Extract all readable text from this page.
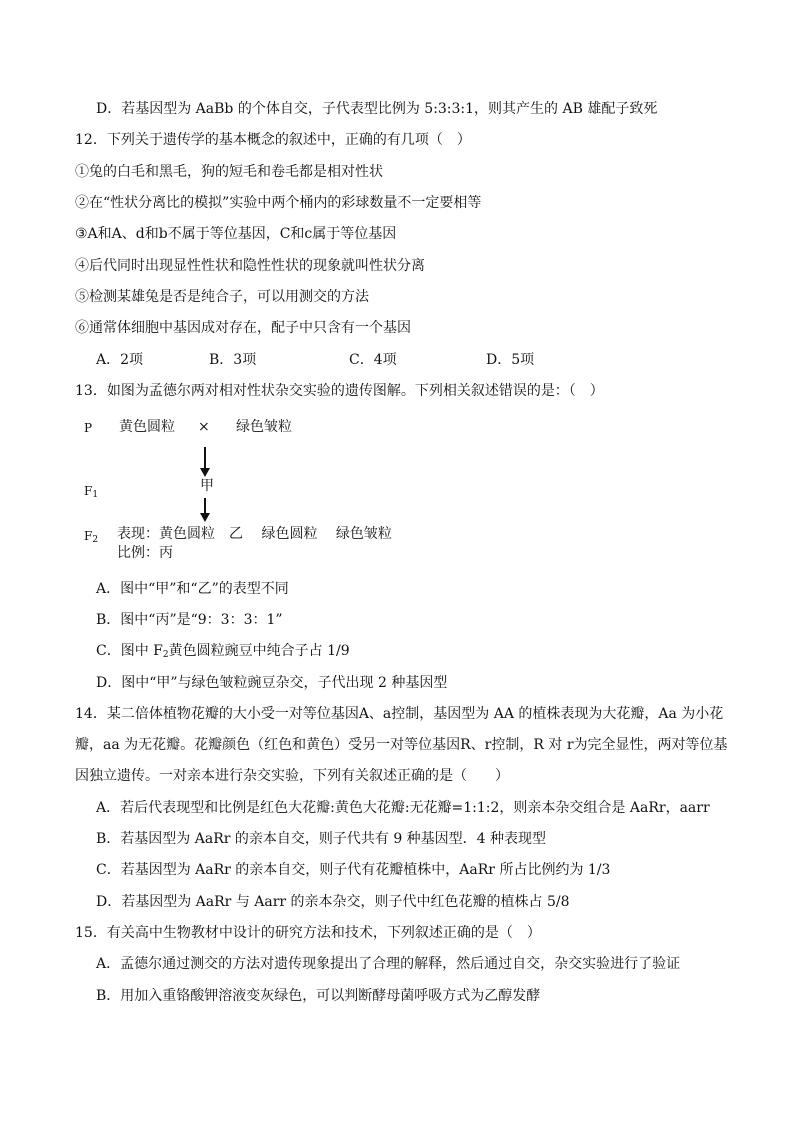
D．若基因型为 AaBb 的个体自交，子代表型比例为 5:3:3:1，则其产生的 AB 雄配子致死
12．下列关于遗传学的基本概念的叙述中，正确的有几项（　）
①兔的白毛和黑毛，狗的短毛和卷毛都是相对性状
②在“性状分离比的模拟”实验中两个桶内的彩球数量不一定要相等
③A和A、d和b不属于等位基因，C和c属于等位基因
④后代同时出现显性性状和隐性性状的现象就叫性状分离
⑤检测某雄兔是否是纯合子，可以用测交的方法
⑥通常体细胞中基因成对存在，配子中只含有一个基因
A．2项	B．3项	C．4项	D．5项
13．如图为孟德尔两对相对性状杂交实验的遗传图解。下列相关叙述错误的是：（　）
P 黄色圆粒 × 绿色皱粒
$F_1$
甲
$F_2$ 表现：黄色圆粒　乙　 绿色圆粒　 绿色皱粒
比例：丙
A．图中“甲”和“乙”的表型不同
B．图中“丙”是“9：3：3：1”
C．图中 $F_2$黄色圆粒豌豆中纯合子占 1/9
D．图中“甲”与绿色皱粒豌豆杂交，子代出现 2 种基因型
14．某二倍体植物花瓣的大小受一对等位基因A、a控制，基因型为 AA 的植株表现为大花瓣，Aa 为小花
瓣，aa 为无花瓣。花瓣颜色（红色和黄色）受另一对等位基因R、r控制，R 对 r为完全显性，两对等位基
因独立遗传。一对亲本进行杂交实验，下列有关叙述正确的是（　　）
A．若后代表现型和比例是红色大花瓣:黄色大花瓣:无花瓣=1:1:2，则亲本杂交组合是 AaRr，aarr
B．若基因型为 AaRr 的亲本自交，则子代共有 9 种基因型．4 种表现型
C．若基因型为 AaRr 的亲本自交，则子代有花瓣植株中，AaRr 所占比例约为 1/3
D．若基因型为 AaRr 与 Aarr 的亲本杂交，则子代中红色花瓣的植株占 5/8
15．有关高中生物教材中设计的研究方法和技术，下列叙述正确的是（　）
A．孟德尔通过测交的方法对遗传现象提出了合理的解释，然后通过自交，杂交实验进行了验证
B．用加入重铬酸钾溶液变灰绿色，可以判断酵母菌呼吸方式为乙醇发酵
